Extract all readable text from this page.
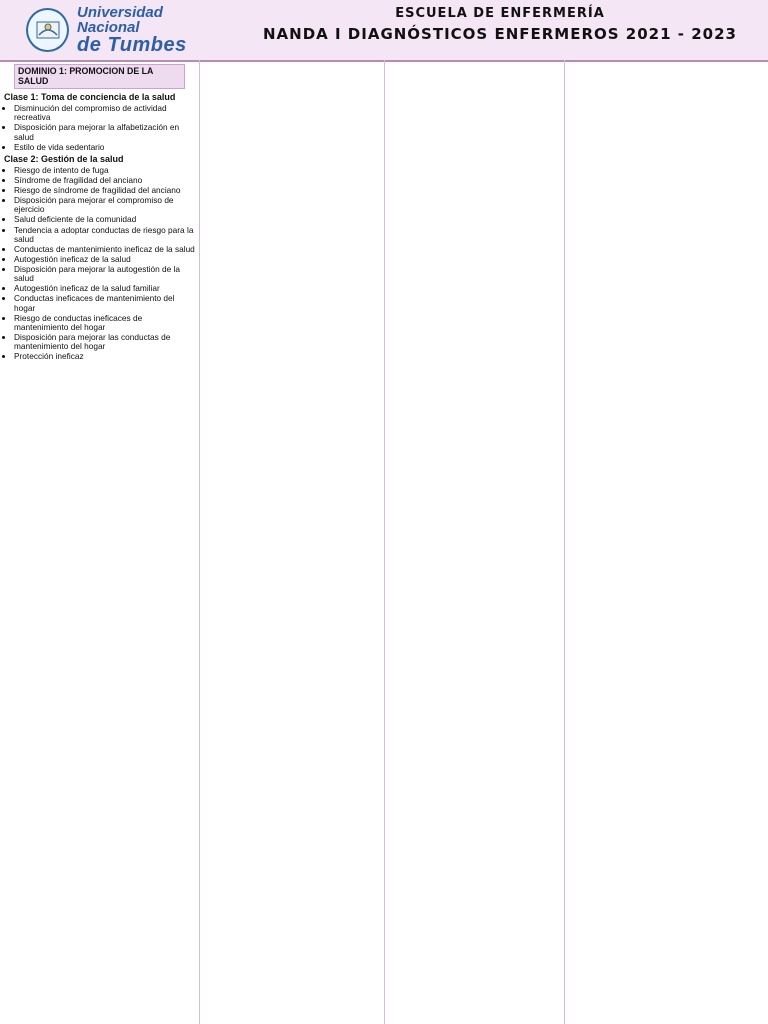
Universidad Nacional
de Tumbes
ESCUELA DE ENFERMERÍA
NANDA I DIAGNÓSTICOS ENFERMEROS 2021 - 2023
DOMINIO 1: PROMOCION DE LA SALUD
Clase 1: Toma de conciencia de la salud
• Disminución del compromiso de actividad recreativa
• Disposición para mejorar la alfabetización en salud
• Estilo de vida sedentario
Clase 2: Gestión de la salud
• Riesgo de intento de fuga
• Síndrome de fragilidad del anciano
• Riesgo de síndrome de fragilidad del anciano
• Disposición para mejorar el compromiso de ejercicio
• Salud deficiente de la comunidad
• Tendencia a adoptar conductas de riesgo para la salud
• Conductas de mantenimiento ineficaz de la salud
• Autogestión ineficaz de la salud
• Disposición para mejorar la autogestión de la salud
• Autogestión ineficaz de la salud familiar
• Conductas ineficaces de mantenimiento del hogar
• Riesgo de conductas ineficaces de mantenimiento del hogar
• Disposición para mejorar las conductas de mantenimiento del hogar
• Protección ineficaz
